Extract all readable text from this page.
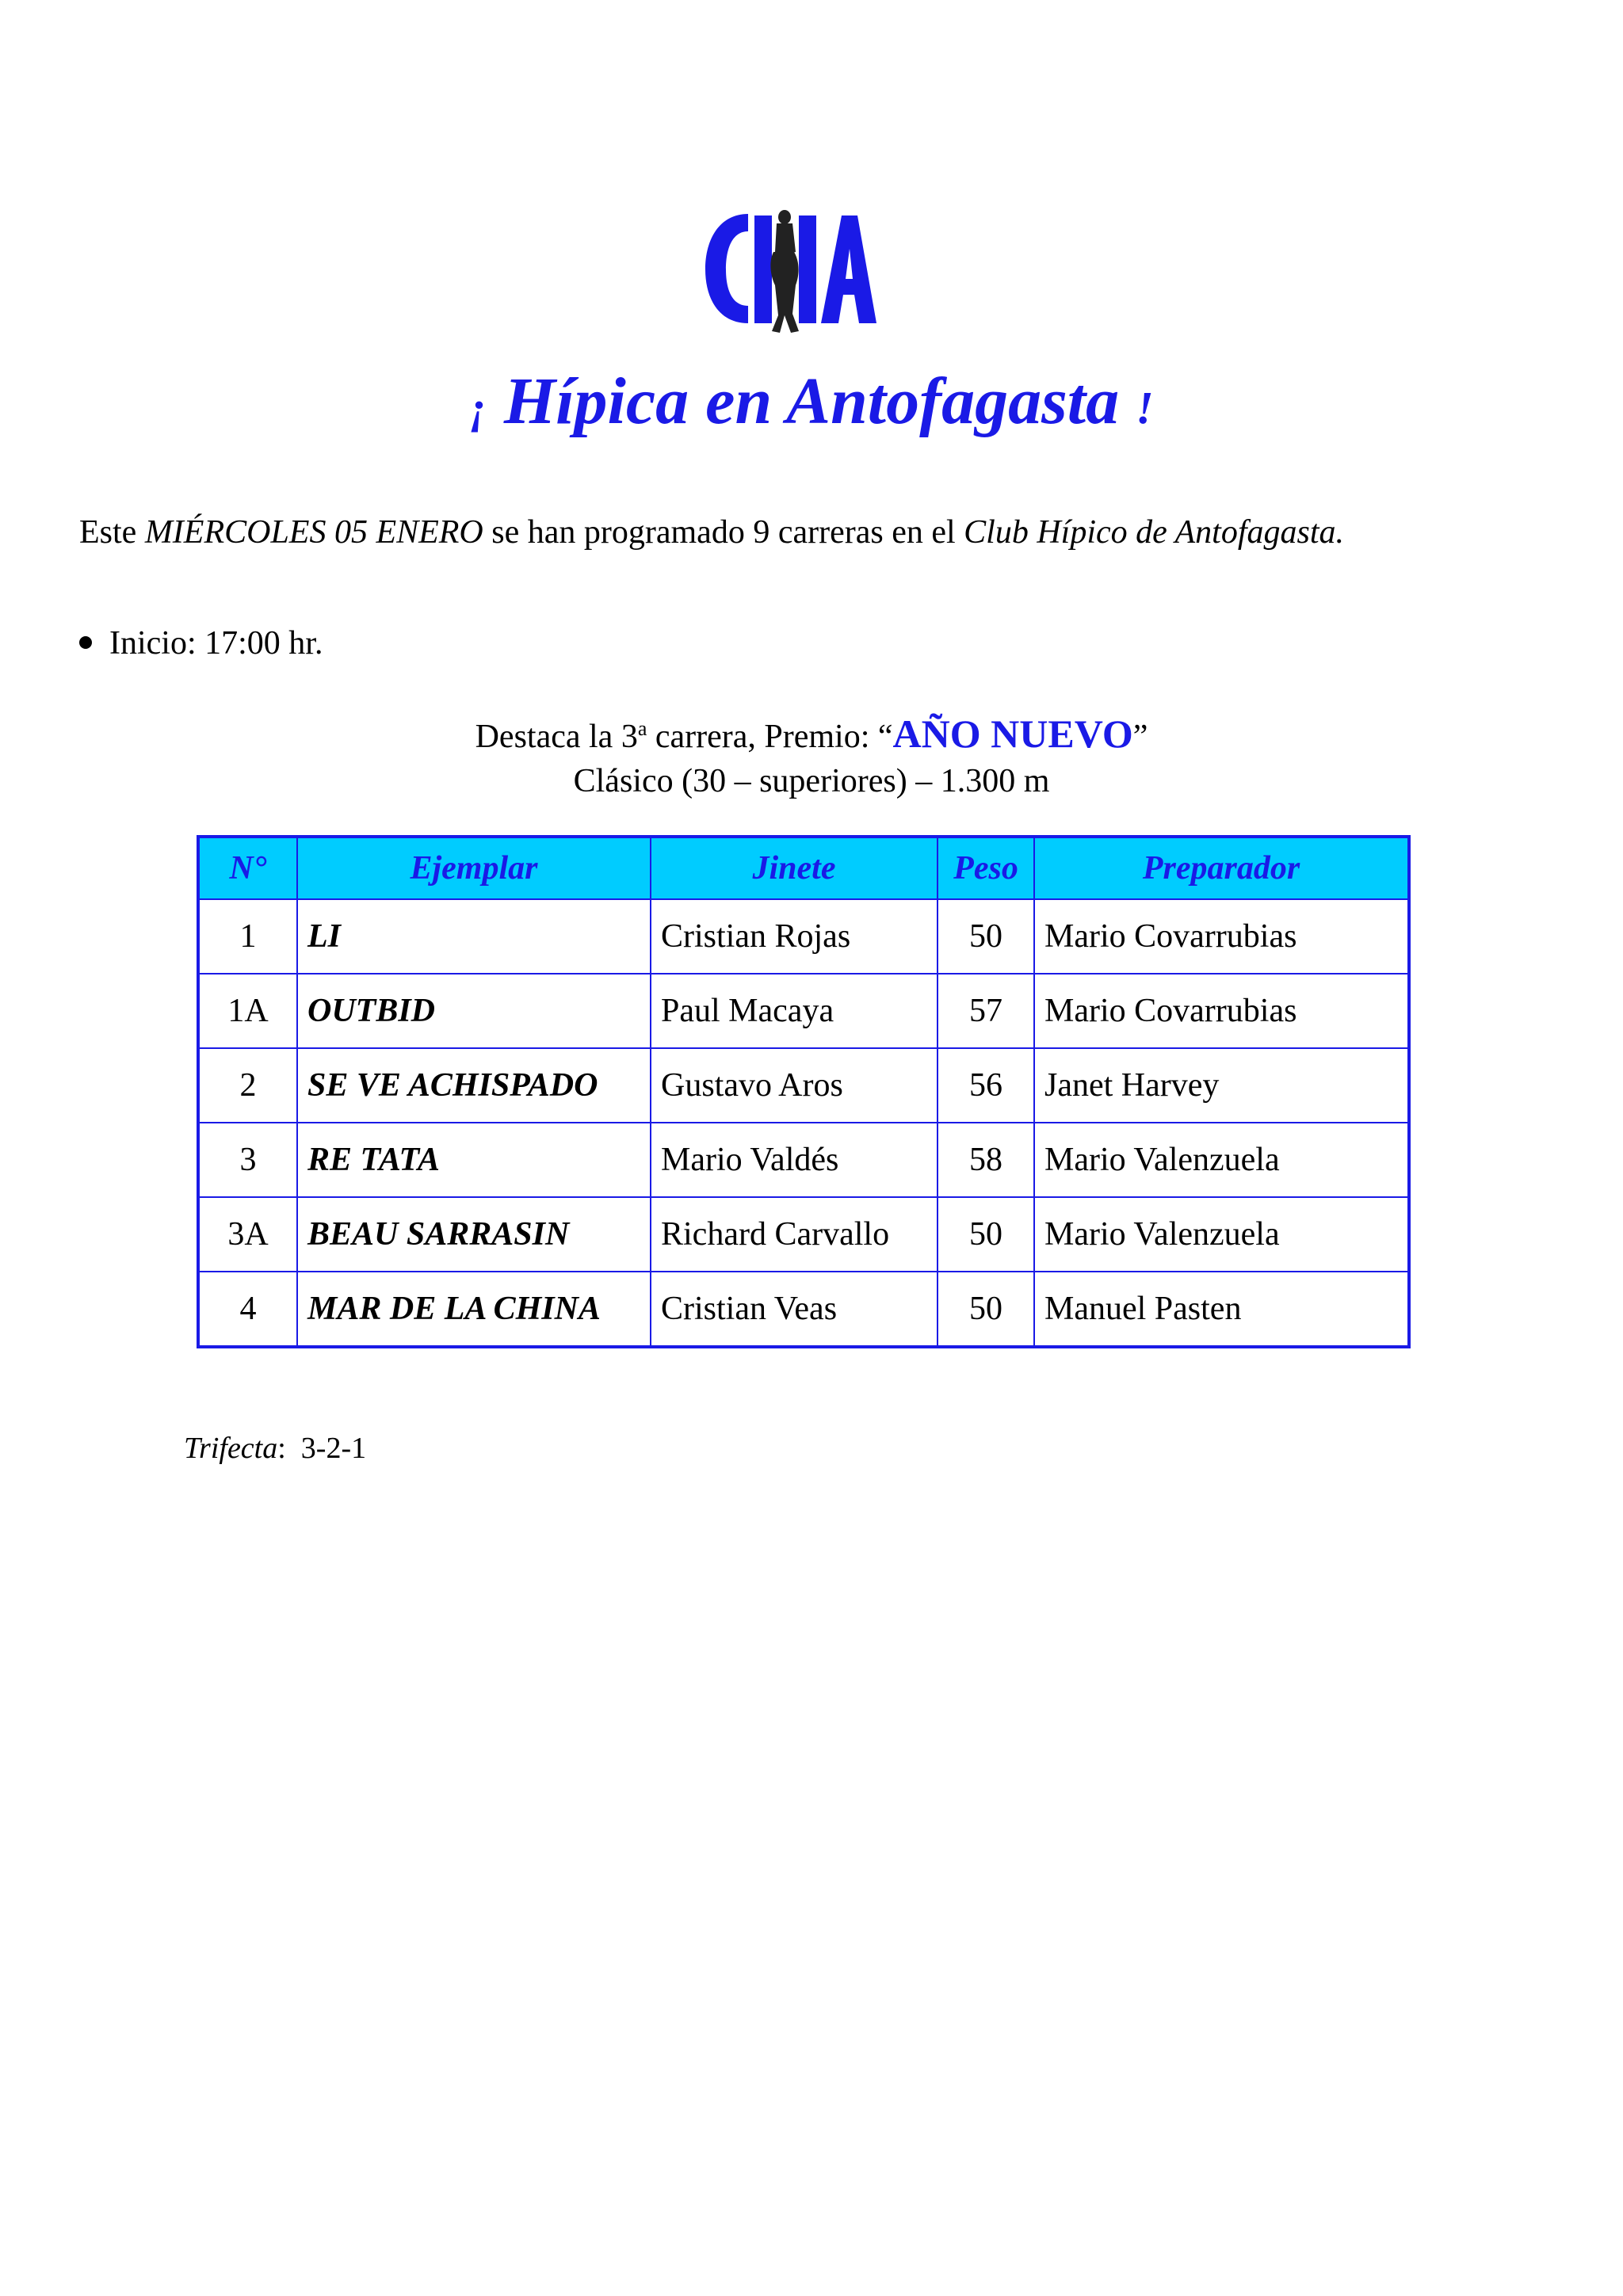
¡ Hípica en Antofagasta !
Este MIÉRCOLES 05 ENERO se han programado 9 carreras en el Club Hípico de Antofagasta.
Inicio: 17:00 hr.
Destaca la 3$^a$ carrera, Premio: “AÑO NUEVO”
Clásico (30 – superiores) – 1.300 m
N°	Ejemplar	Jinete	Peso	Preparador
1	LI	Cristian Rojas	50	Mario Covarrubias
1A	OUTBID	Paul Macaya	57	Mario Covarrubias
2	SE VE ACHISPADO	Gustavo Aros	56	Janet Harvey
3	RE TATA	Mario Valdés	58	Mario Valenzuela
3A	BEAU SARRASIN	Richard Carvallo	50	Mario Valenzuela
4	MAR DE LA CHINA	Cristian Veas	50	Manuel Pasten
Trifecta:  3-2-1
